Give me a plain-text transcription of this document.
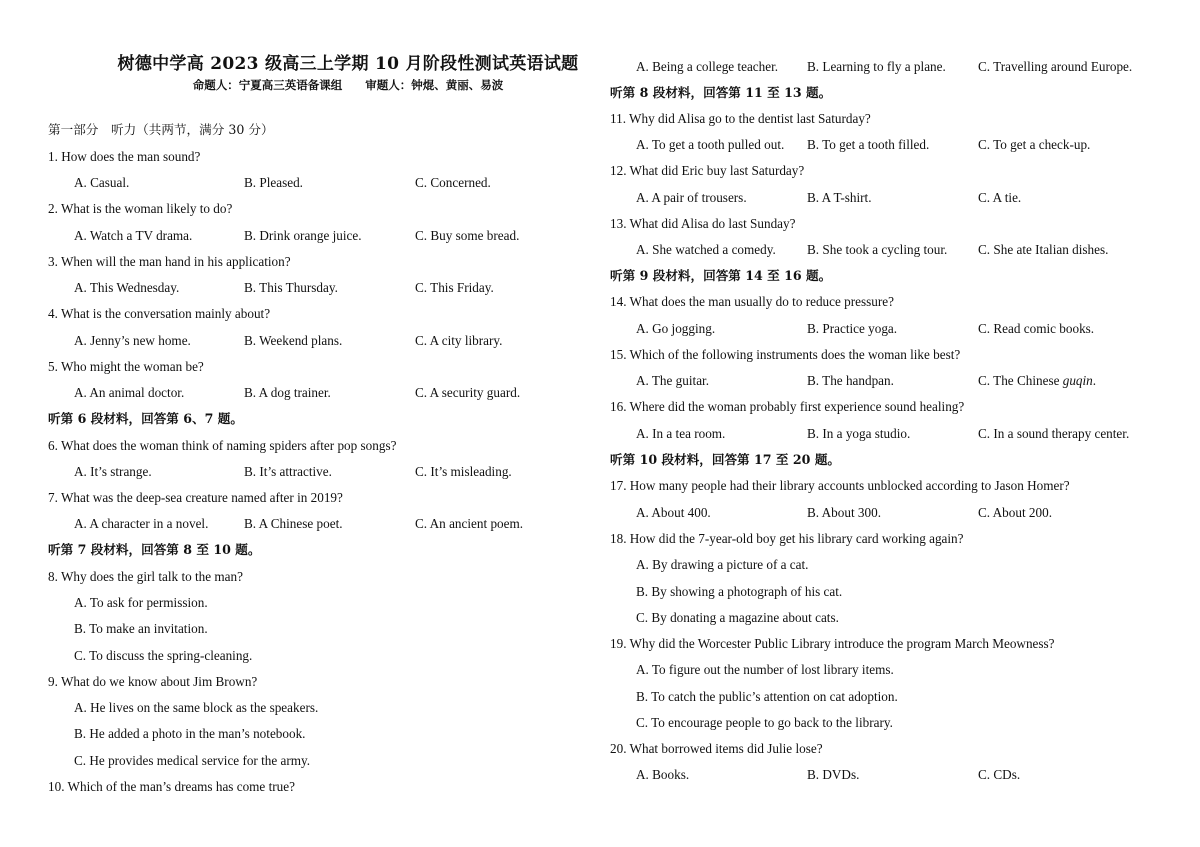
树德中学高 2023 级高三上学期 10 月阶段性测试英语试题
命题人：宁夏高三英语备课组　　审题人：钟焜、黄丽、易波
第一部分　听力（共两节，满分 30 分）
1. How does the man sound?
A. Casual.	B. Pleased.	C. Concerned.
2. What is the woman likely to do?
A. Watch a TV drama.	B. Drink orange juice.	C. Buy some bread.
3. When will the man hand in his application?
A. This Wednesday.	B. This Thursday.	C. This Friday.
4. What is the conversation mainly about?
A. Jenny’s new home.	B. Weekend plans.	C. A city library.
5. Who might the woman be?
A. An animal doctor.	B. A dog trainer.	C. A security guard.
听第 6 段材料，回答第 6、7 题。
6. What does the woman think of naming spiders after pop songs?
A. It’s strange.	B. It’s attractive.	C. It’s misleading.
7. What was the deep-sea creature named after in 2019?
A. A character in a novel.	B. A Chinese poet.	C. An ancient poem.
听第 7 段材料，回答第 8 至 10 题。
8. Why does the girl talk to the man?
A. To ask for permission.
B. To make an invitation.
C. To discuss the spring-cleaning.
9. What do we know about Jim Brown?
A. He lives on the same block as the speakers.
B. He added a photo in the man’s notebook.
C. He provides medical service for the army.
10. Which of the man’s dreams has come true?
A. Being a college teacher. B. Learning to fly a plane. C. Travelling around Europe.
听第 8 段材料，回答第 11 至 13 题。
11. Why did Alisa go to the dentist last Saturday?
A. To get a tooth pulled out. B. To get a tooth filled.	C. To get a check-up.
12. What did Eric buy last Saturday?
A. A pair of trousers.	B. A T-shirt.	C. A tie.
13. What did Alisa do last Sunday?
A. She watched a comedy. B. She took a cycling tour. C. She ate Italian dishes.
听第 9 段材料，回答第 14 至 16 题。
14. What does the man usually do to reduce pressure?
A. Go jogging.	B. Practice yoga.	C. Read comic books.
15. Which of the following instruments does the woman like best?
A. The guitar.	B. The handpan.	C. The Chinese guqin.
16. Where did the woman probably first experience sound healing?
A. In a tea room.	B. In a yoga studio.	C. In a sound therapy center.
听第 10 段材料，回答第 17 至 20 题。
17. How many people had their library accounts unblocked according to Jason Homer?
A. About 400.	B. About 300.	C. About 200.
18. How did the 7-year-old boy get his library card working again?
A. By drawing a picture of a cat.
B. By showing a photograph of his cat.
C. By donating a magazine about cats.
19. Why did the Worcester Public Library introduce the program March Meowness?
A. To figure out the number of lost library items.
B. To catch the public’s attention on cat adoption.
C. To encourage people to go back to the library.
20. What borrowed items did Julie lose?
A. Books.	B. DVDs.	C. CDs.
